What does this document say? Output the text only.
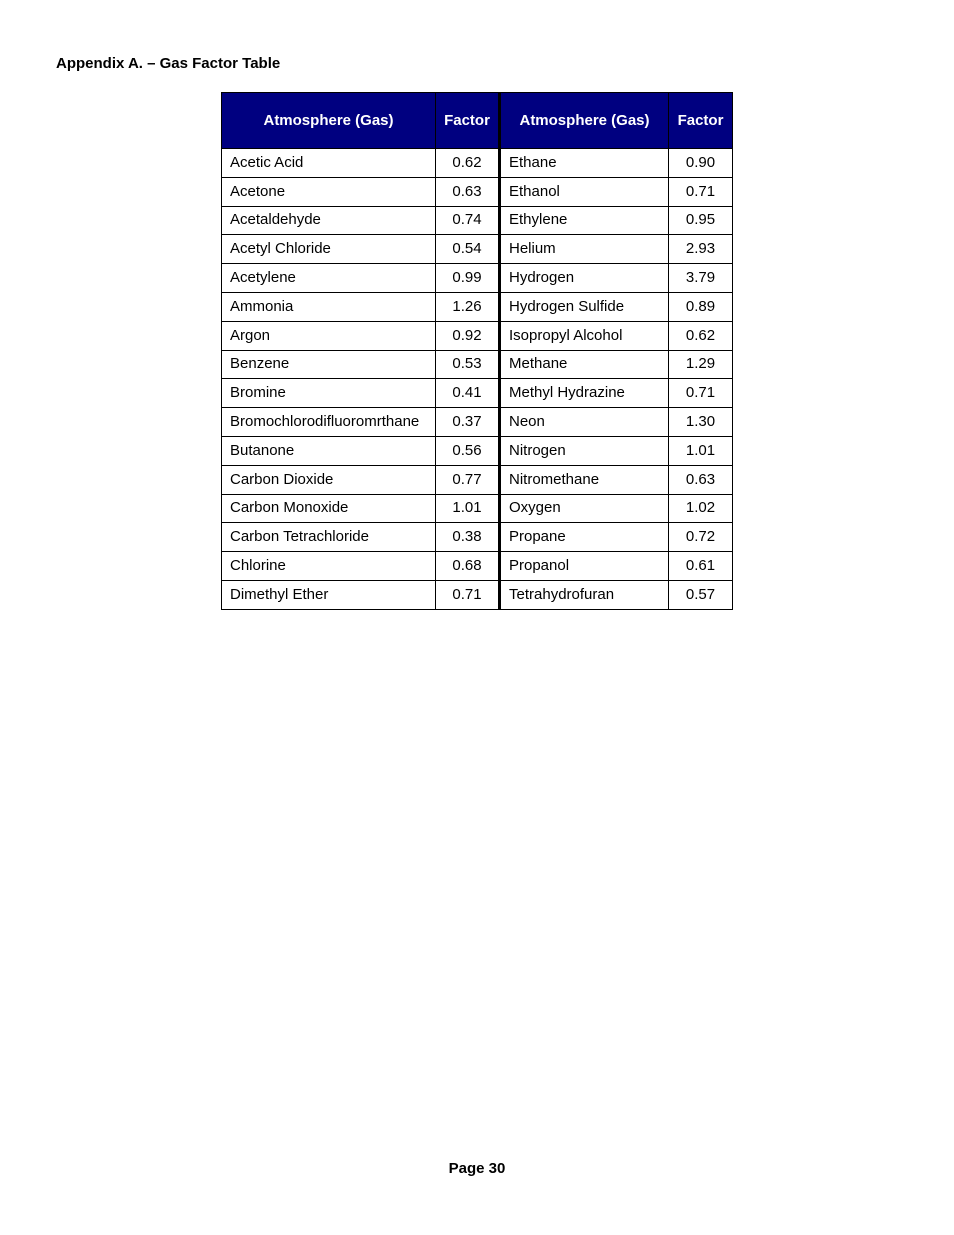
Appendix A. – Gas Factor Table
Atmosphere (Gas)	Factor	Atmosphere (Gas)	Factor
Acetic Acid	0.62	Ethane	0.90
Acetone	0.63	Ethanol	0.71
Acetaldehyde	0.74	Ethylene	0.95
Acetyl Chloride	0.54	Helium	2.93
Acetylene	0.99	Hydrogen	3.79
Ammonia	1.26	Hydrogen Sulfide	0.89
Argon	0.92	Isopropyl Alcohol	0.62
Benzene	0.53	Methane	1.29
Bromine	0.41	Methyl Hydrazine	0.71
Bromochlorodifluoromrthane	0.37	Neon	1.30
Butanone	0.56	Nitrogen	1.01
Carbon Dioxide	0.77	Nitromethane	0.63
Carbon Monoxide	1.01	Oxygen	1.02
Carbon Tetrachloride	0.38	Propane	0.72
Chlorine	0.68	Propanol	0.61
Dimethyl Ether	0.71	Tetrahydrofuran	0.57
Page 30
